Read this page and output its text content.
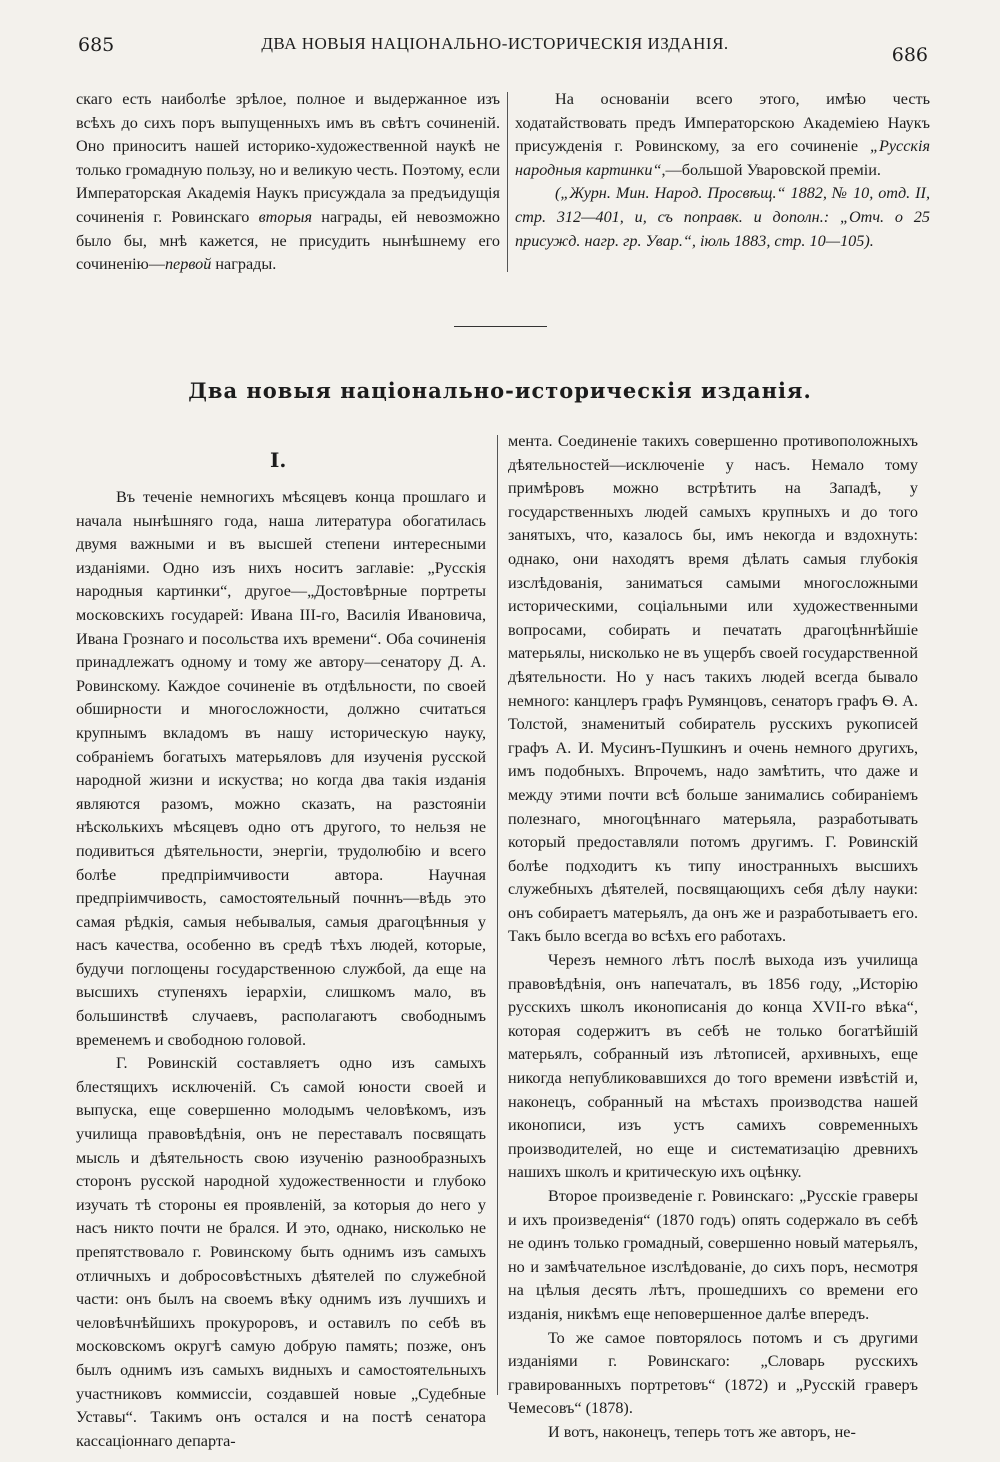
685	ДВА НОВЫЯ НАЦІОНАЛЬНО-ИСТОРИЧЕСКІЯ ИЗДАНІЯ.
686

скаго есть наиболѣе зрѣлое, полное и выдержанное изъ всѣхъ до сихъ поръ выпущенныхъ имъ въ свѣтъ сочиненій. Оно приноситъ нашей историко-художественной наукѣ не только громадную пользу, но и великую честь. Поэтому, если Императорская Академія Наукъ присуждала за предъидущія сочиненія г. Ровинскаго вторыя награды, ей невозможно было бы, мнѣ кажется, не присудить нынѣшнему его сочиненію—первой награды.

На основаніи всего этого, имѣю честь ходатайствовать предъ Императорскою Академіею Наукъ присужденія г. Ровинскому, за его сочиненіе „Русскія народныя картинки“,—большой Уваровской преміи.

(„Журн. Мин. Народ. Просвѣщ.“ 1882, № 10, отд. II, стр. 312—401, и, съ поправк. и дополн.: „Отч. о 25 присужд. нагр. гр. Увар.“, іюль 1883, стр. 10—105).

Два новыя національно-историческія изданія.
I.

Въ теченіе немногихъ мѣсяцевъ конца прошлаго и начала нынѣшняго года, наша литература обогатилась двумя важными и въ высшей степени интересными изданіями. Одно изъ нихъ носитъ заглавіе: „Русскія народныя картинки“, другое—„Достовѣрные портреты московскихъ государей: Ивана III-го, Василія Ивановича, Ивана Грознаго и посольства ихъ времени“. Оба сочиненія принадлежатъ одному и тому же автору—сенатору Д. А. Ровинскому. Каждое сочиненіе въ отдѣльности, по своей обширности и многосложности, должно считаться крупнымъ вкладомъ въ нашу историческую науку, собраніемъ богатыхъ матерьяловъ для изученія русской народной жизни и искуства; но когда два такія изданія являются разомъ, можно сказать, на разстояніи нѣсколькихъ мѣсяцевъ одно отъ другого, то нельзя не подивиться дѣятельности, энергіи, трудолюбію и всего болѣе предпріимчивости автора. Научная предпріимчивость, самостоятельный почннъ—вѣдь это самая рѣдкія, самыя небывалыя, самыя драгоцѣнныя у насъ качества, особенно въ средѣ тѣхъ людей, которые, будучи поглощены государственною службой, да еще на высшихъ ступеняхъ іерархіи, слишкомъ мало, въ большинствѣ случаевъ, располагаютъ свободнымъ временемъ и свободною головой.

Г. Ровинскій составляетъ одно изъ самыхъ блестящихъ исключеній. Съ самой юности своей и выпуска, еще совершенно молодымъ человѣкомъ, изъ училища правовѣдѣнія, онъ не переставалъ посвящать мысль и дѣятельность свою изученію разнообразныхъ сторонъ русской народной художественности и глубоко изучать тѣ стороны ея проявленій, за которыя до него у насъ никто почти не брался. И это, однако, нисколько не препятствовало г. Ровинскому быть однимъ изъ самыхъ отличныхъ и добросовѣстныхъ дѣятелей по служебной части: онъ былъ на своемъ вѣку однимъ изъ лучшихъ и человѣчнѣйшихъ прокуроровъ, и оставилъ по себѣ въ московскомъ округѣ самую добрую память; позже, онъ былъ однимъ изъ самыхъ видныхъ и самостоятельныхъ участниковъ коммиссіи, создавшей новые „Судебные Уставы“. Такимъ онъ остался и на постѣ сенатора кассаціоннаго департа-

мента. Соединеніе такихъ совершенно противоположныхъ дѣятельностей—исключеніе у насъ. Немало тому примѣровъ можно встрѣтить на Западѣ, у государственныхъ людей самыхъ крупныхъ и до того занятыхъ, что, казалось бы, имъ некогда и вздохнуть: однако, они находятъ время дѣлать самыя глубокія изслѣдованія, заниматься самыми многосложными историческими, соціальными или художественными вопросами, собирать и печатать драгоцѣннѣйшіе матерьялы, нисколько не въ ущербъ своей государственной дѣятельности. Но у насъ такихъ людей всегда бывало немного: канцлеръ графъ Румянцовъ, сенаторъ графъ Ѳ. А. Толстой, знаменитый собиратель русскихъ рукописей графъ А. И. Мусинъ-Пушкинъ и очень немного другихъ, имъ подобныхъ. Впрочемъ, надо замѣтить, что даже и между этими почти всѣ больше занимались собираніемъ полезнаго, многоцѣннаго матерьяла, разработывать который предоставляли потомъ другимъ. Г. Ровинскій болѣе подходитъ къ типу иностранныхъ высшихъ служебныхъ дѣятелей, посвящающихъ себя дѣлу науки: онъ собираетъ матерьялъ, да онъ же и разработываетъ его. Такъ было всегда во всѣхъ его работахъ.

Черезъ немного лѣтъ послѣ выхода изъ училища правовѣдѣнія, онъ напечаталъ, въ 1856 году, „Исторію русскихъ школъ иконописанія до конца XVII-го вѣка“, которая содержитъ въ себѣ не только богатѣйшій матерьялъ, собранный изъ лѣтописей, архивныхъ, еще никогда непубликовавшихся до того времени извѣстій и, наконецъ, собранный на мѣстахъ производства нашей иконописи, изъ устъ самихъ современныхъ производителей, но еще и систематизацію древнихъ нашихъ школъ и критическую ихъ оцѣнку.

Второе произведеніе г. Ровинскаго: „Русскіе граверы и ихъ произведенія“ (1870 годъ) опять содержало въ себѣ не одинъ только громадный, совершенно новый матерьялъ, но и замѣчательное изслѣдованіе, до сихъ поръ, несмотря на цѣлыя десять лѣтъ, прошедшихъ со времени его изданія, никѣмъ еще неповершенное далѣе впередъ.

То же самое повторялось потомъ и съ другими изданіями г. Ровинскаго: „Словарь русскихъ гравированныхъ портретовъ“ (1872) и „Русскій граверъ Чемесовъ“ (1878).

И вотъ, наконецъ, теперь тотъ же авторъ, не-
